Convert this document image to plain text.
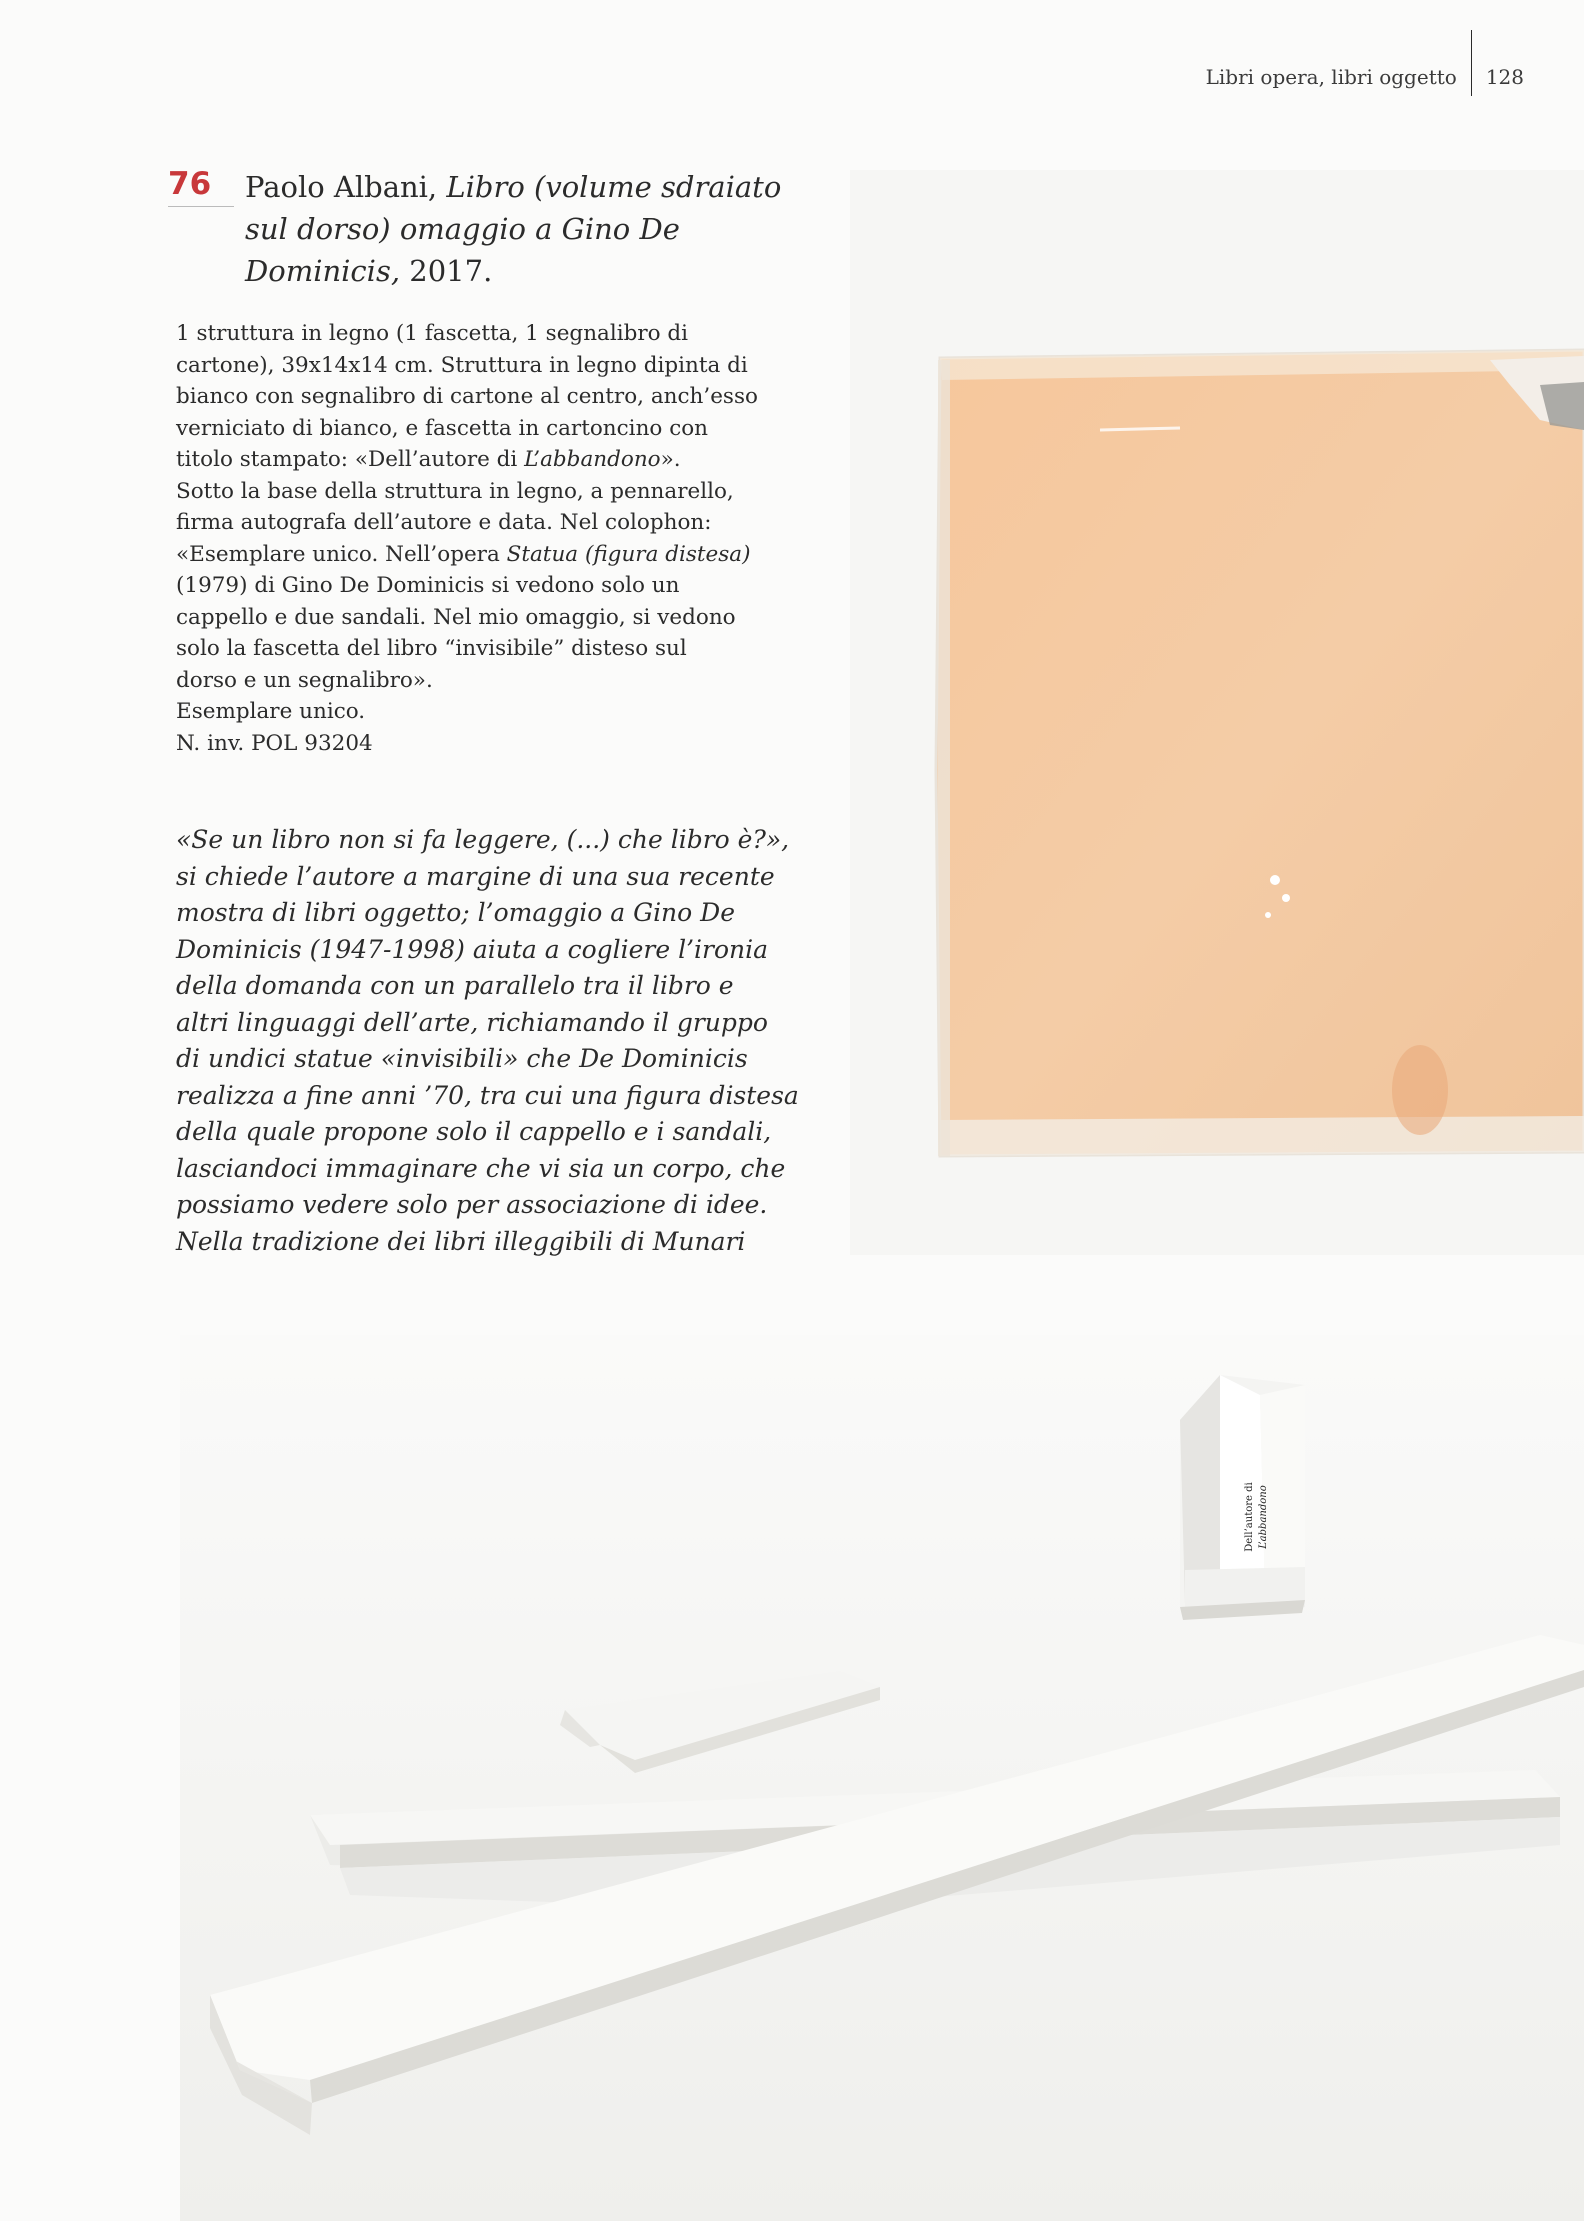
Libri opera, libri oggetto 128
76 Paolo Albani, Libro (volume sdraiato
sul dorso) omaggio a Gino De
Dominicis, 2017.

1 struttura in legno (1 fascetta, 1 segnalibro di

cartone), 39x14x14 cm. Struttura in legno dipinta di

bianco con segnalibro di cartone al centro, anch’esso

verniciato di bianco, e fascetta in cartoncino con

titolo stampato: «Dell’autore di L’abbandono».

Sotto la base della struttura in legno, a pennarello,

firma autografa dell’autore e data. Nel colophon:

«Esemplare unico. Nell’opera Statua (figura distesa)

(1979) di Gino De Dominicis si vedono solo un

cappello e due sandali. Nel mio omaggio, si vedono

solo la fascetta del libro “invisibile” disteso sul

dorso e un segnalibro».

Esemplare unico.

N. inv. POL 93204

«Se un libro non si fa leggere, (...) che libro è?»,
si chiede l’autore a margine di una sua recente
mostra di libri oggetto; l’omaggio a Gino De
Dominicis (1947-1998) aiuta a cogliere l’ironia
della domanda con un parallelo tra il libro e
altri linguaggi dell’arte, richiamando il gruppo
di undici statue «invisibili» che De Dominicis
realizza a fine anni ’70, tra cui una figura distesa
della quale propone solo il cappello e i sandali,
lasciandoci immaginare che vi sia un corpo, che
possiamo vedere solo per associazione di idee.
Nella tradizione dei libri illeggibili di Munari
Dell’autore di L’abbandono
